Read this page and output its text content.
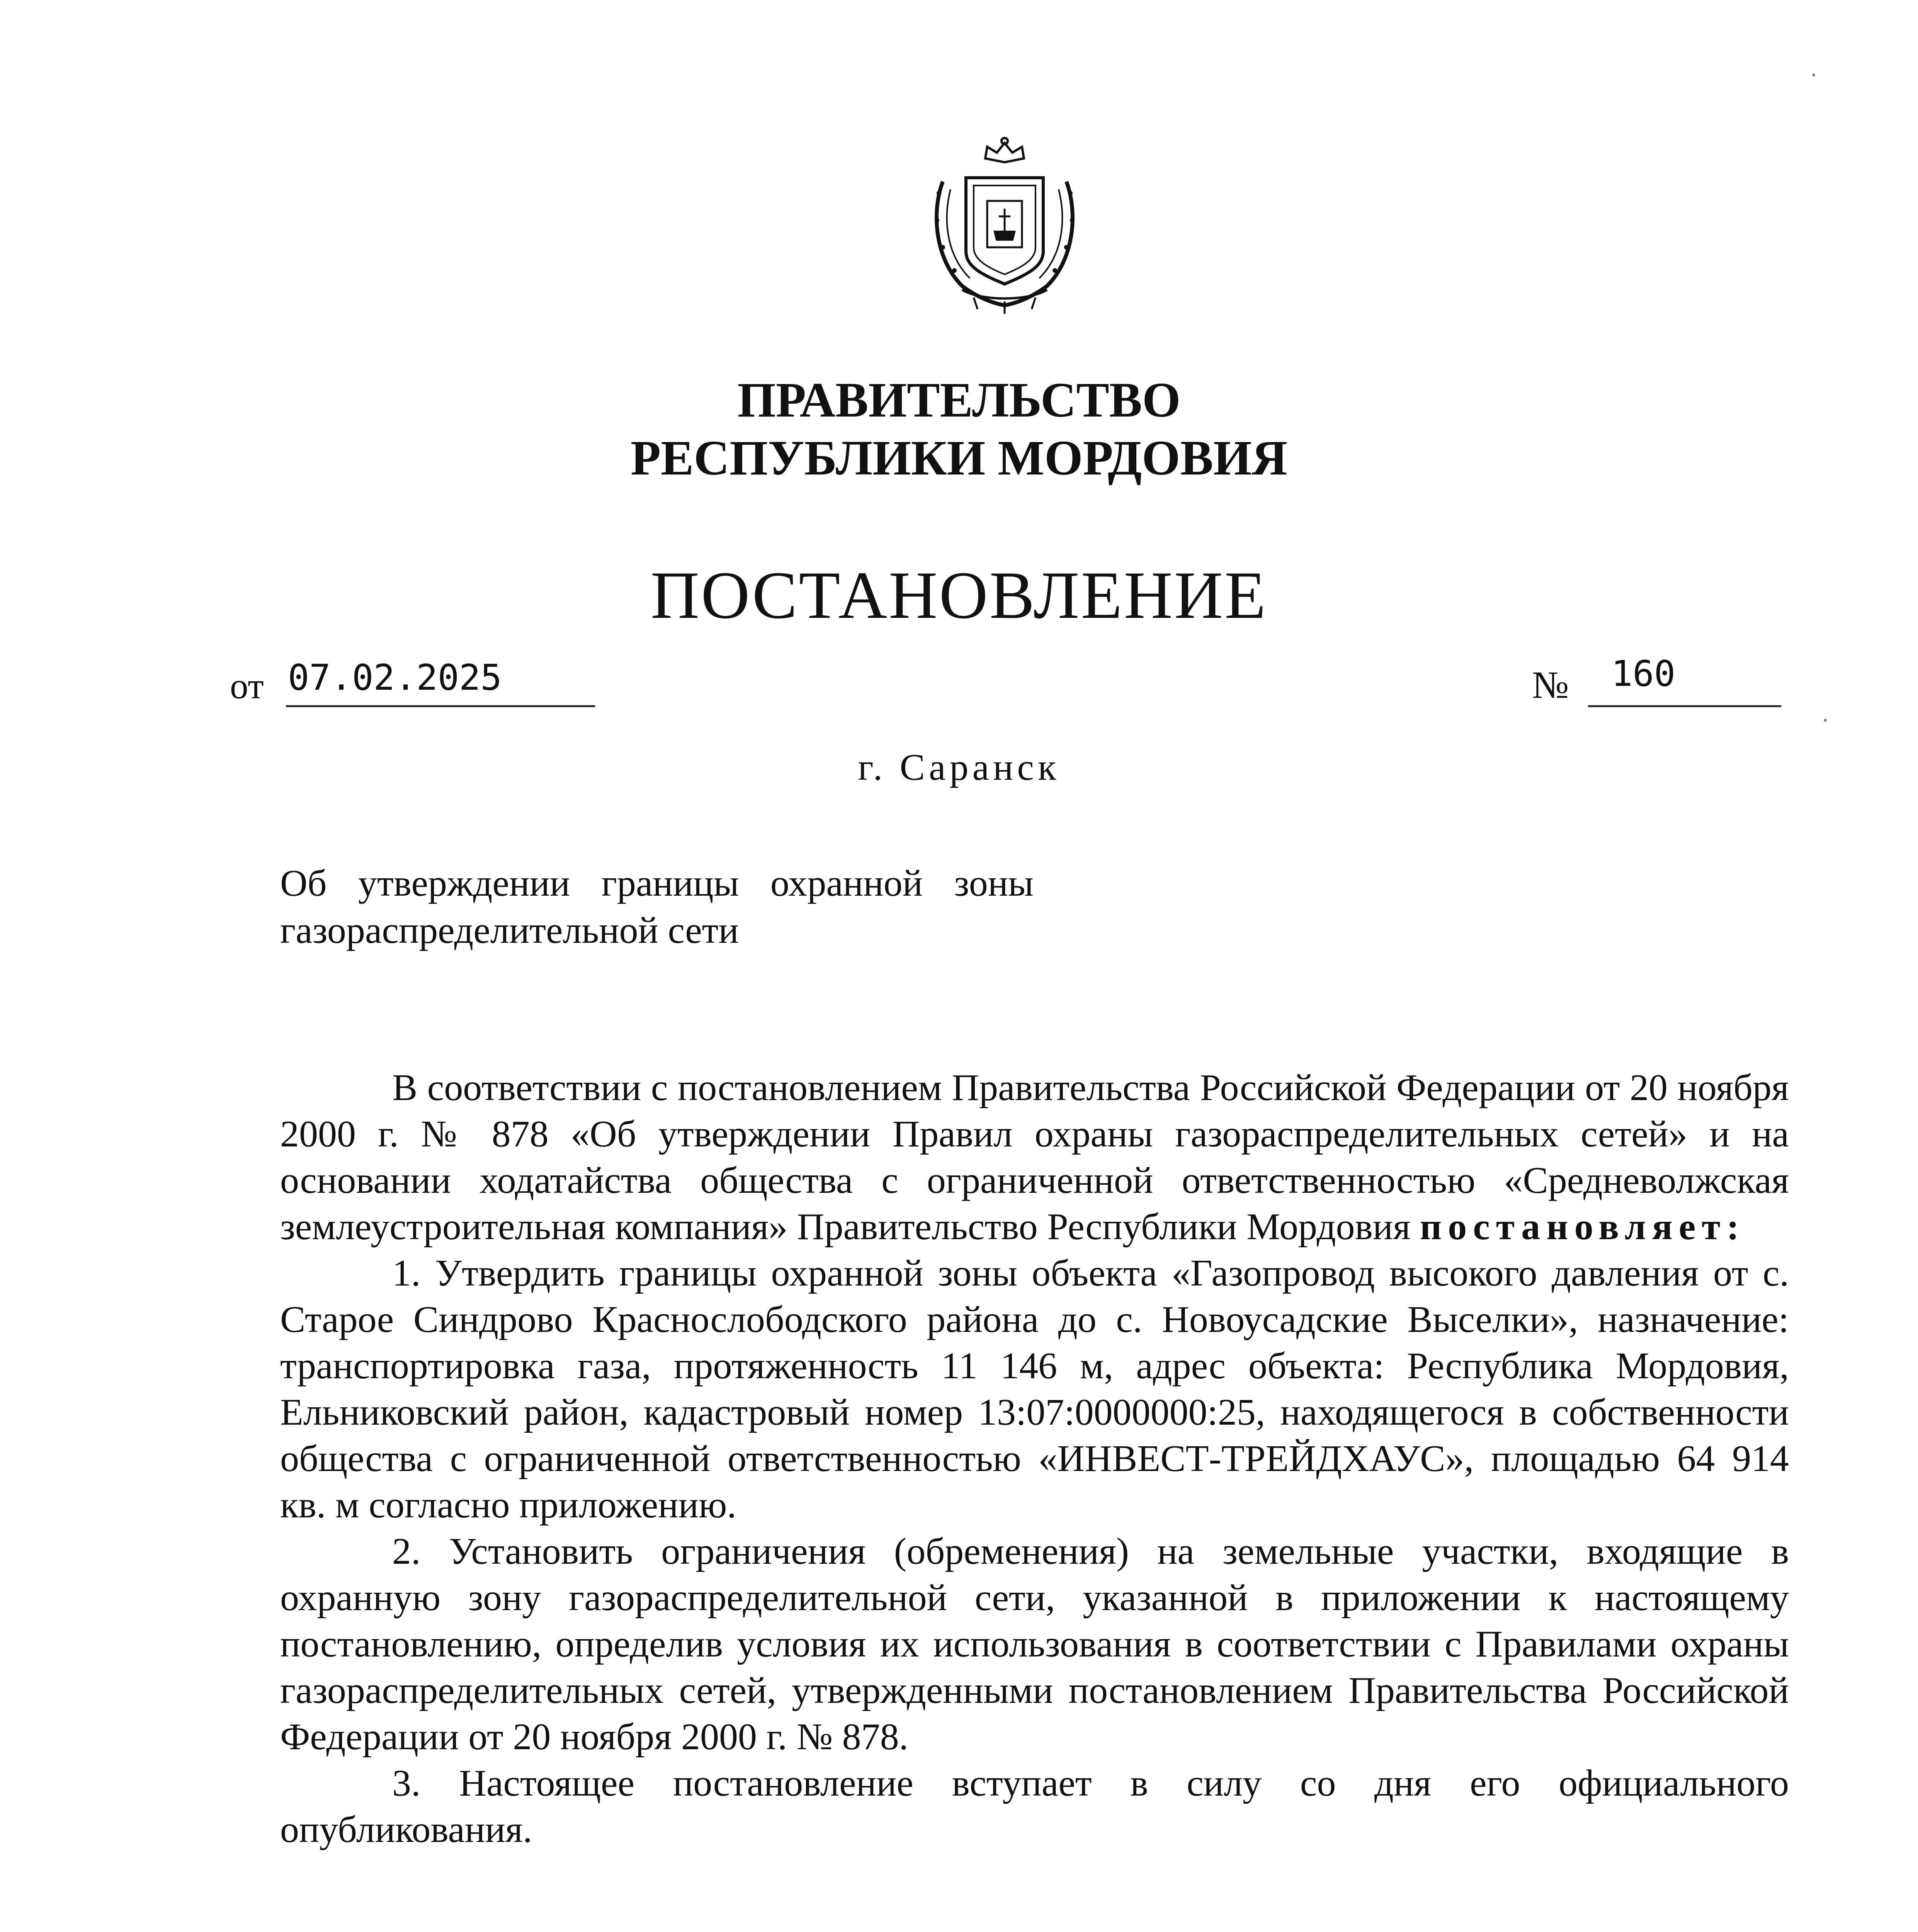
ПРАВИТЕЛЬСТВО
РЕСПУБЛИКИ МОРДОВИЯ
ПОСТАНОВЛЕНИЕ
от 07.02.2025	№ 160
г. Саранск
Об утверждении границы охранной зоны газораспределительной сети

В соответствии с постановлением Правительства Российской Федерации от 20 ноября 2000 г. № 878 «Об утверждении Правил охраны газораспределительных сетей» и на основании ходатайства общества с ограниченной ответственностью «Средневолжская землеустроительная компания» Правительство Республики Мордовия постановляет:

1. Утвердить границы охранной зоны объекта «Газопровод высокого давления от с. Старое Синдрово Краснослободского района до с. Новоусадские Выселки», назначение: транспортировка газа, протяженность 11 146 м, адрес объекта: Республика Мордовия, Ельниковский район, кадастровый номер 13:07:0000000:25, находящегося в собственности общества с ограниченной ответственностью «ИНВЕСТ-ТРЕЙДХАУС», площадью 64 914 кв. м согласно приложению.

2. Установить ограничения (обременения) на земельные участки, входящие в охранную зону газораспределительной сети, указанной в приложении к настоящему постановлению, определив условия их использования в соответствии с Правилами охраны газораспределительных сетей, утвержденными постановлением Правительства Российской Федерации от 20 ноября 2000 г. № 878.

3. Настоящее постановление вступает в силу со дня его официального опубликования.
